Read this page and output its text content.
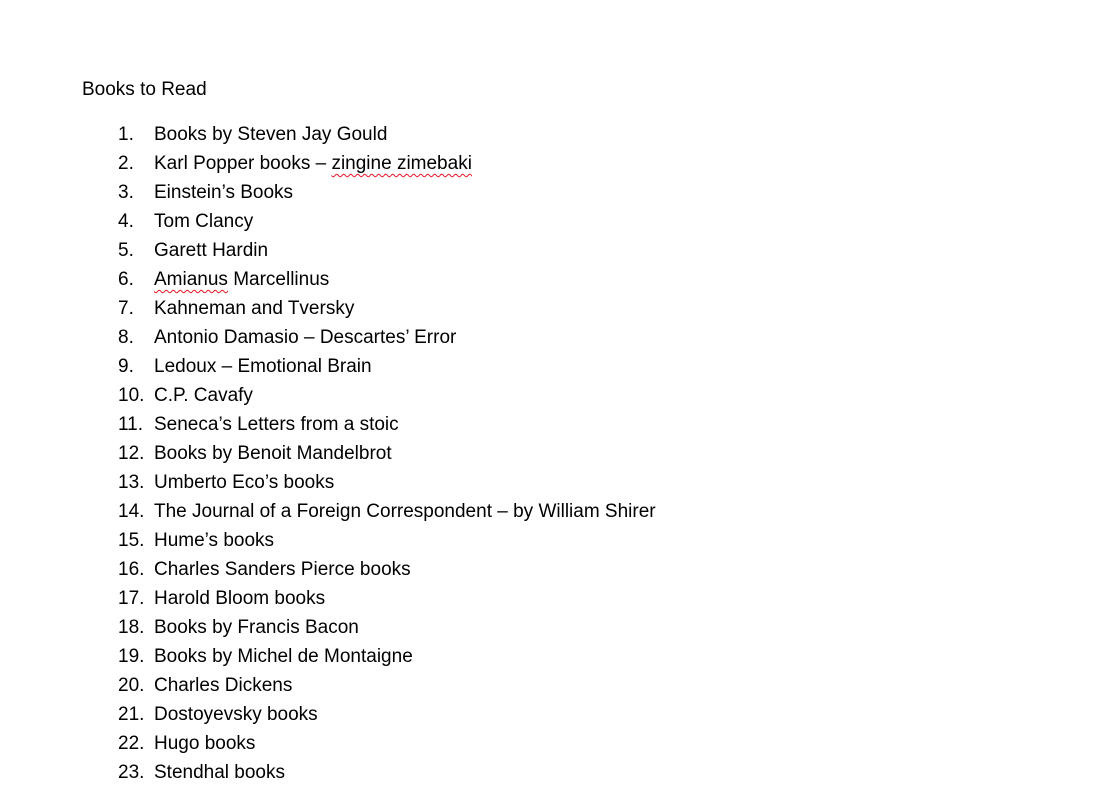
Books to Read
1. Books by Steven Jay Gould
2. Karl Popper books – zingine zimebaki
3. Einstein’s Books
4. Tom Clancy
5. Garett Hardin
6. Amianus Marcellinus
7. Kahneman and Tversky
8. Antonio Damasio – Descartes’ Error
9. Ledoux – Emotional Brain
10. C.P. Cavafy
11. Seneca’s Letters from a stoic
12. Books by Benoit Mandelbrot
13. Umberto Eco’s books
14. The Journal of a Foreign Correspondent – by William Shirer
15. Hume’s books
16. Charles Sanders Pierce books
17. Harold Bloom books
18. Books by Francis Bacon
19. Books by Michel de Montaigne
20. Charles Dickens
21. Dostoyevsky books
22. Hugo books
23. Stendhal books
